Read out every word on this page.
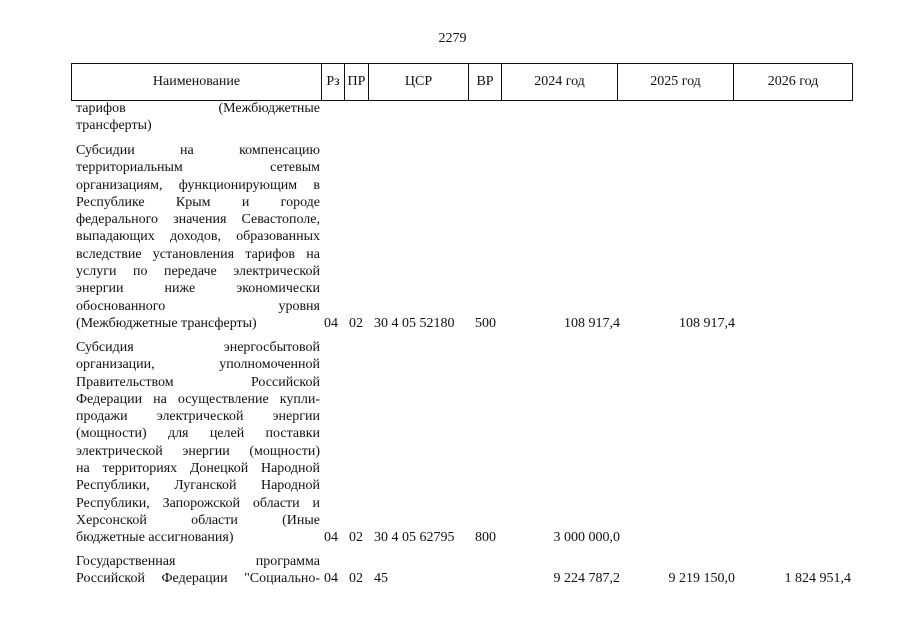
2279
Наименование	Рз ПР	ЦСР	ВР	2024 год	2025 год	2026 год
тарифов (Межбюджетные
трансферты)
Субсидии на компенсацию
территориальным сетевым
организациям, функционирующим в
Республике Крым и городе
федерального значения Севастополе,
выпадающих доходов, образованных
вследствие установления тарифов на
услуги по передаче электрической
энергии ниже экономически
обоснованного уровня
(Межбюджетные трансферты)	04 02 30 4 05 52180 500	108 917,4	108 917,4
Субсидия энергосбытовой
организации, уполномоченной
Правительством Российской
Федерации на осуществление купли-
продажи электрической энергии
(мощности) для целей поставки
электрической энергии (мощности)
на территориях Донецкой Народной
Республики, Луганской Народной
Республики, Запорожской области и
Херсонской области (Иные
бюджетные ассигнования)	04 02 30 4 05 62795 800	3 000 000,0
Государственная программа
Российской Федерации "Социально- 04 02 45	9 224 787,2	9 219 150,0	1 824 951,4
